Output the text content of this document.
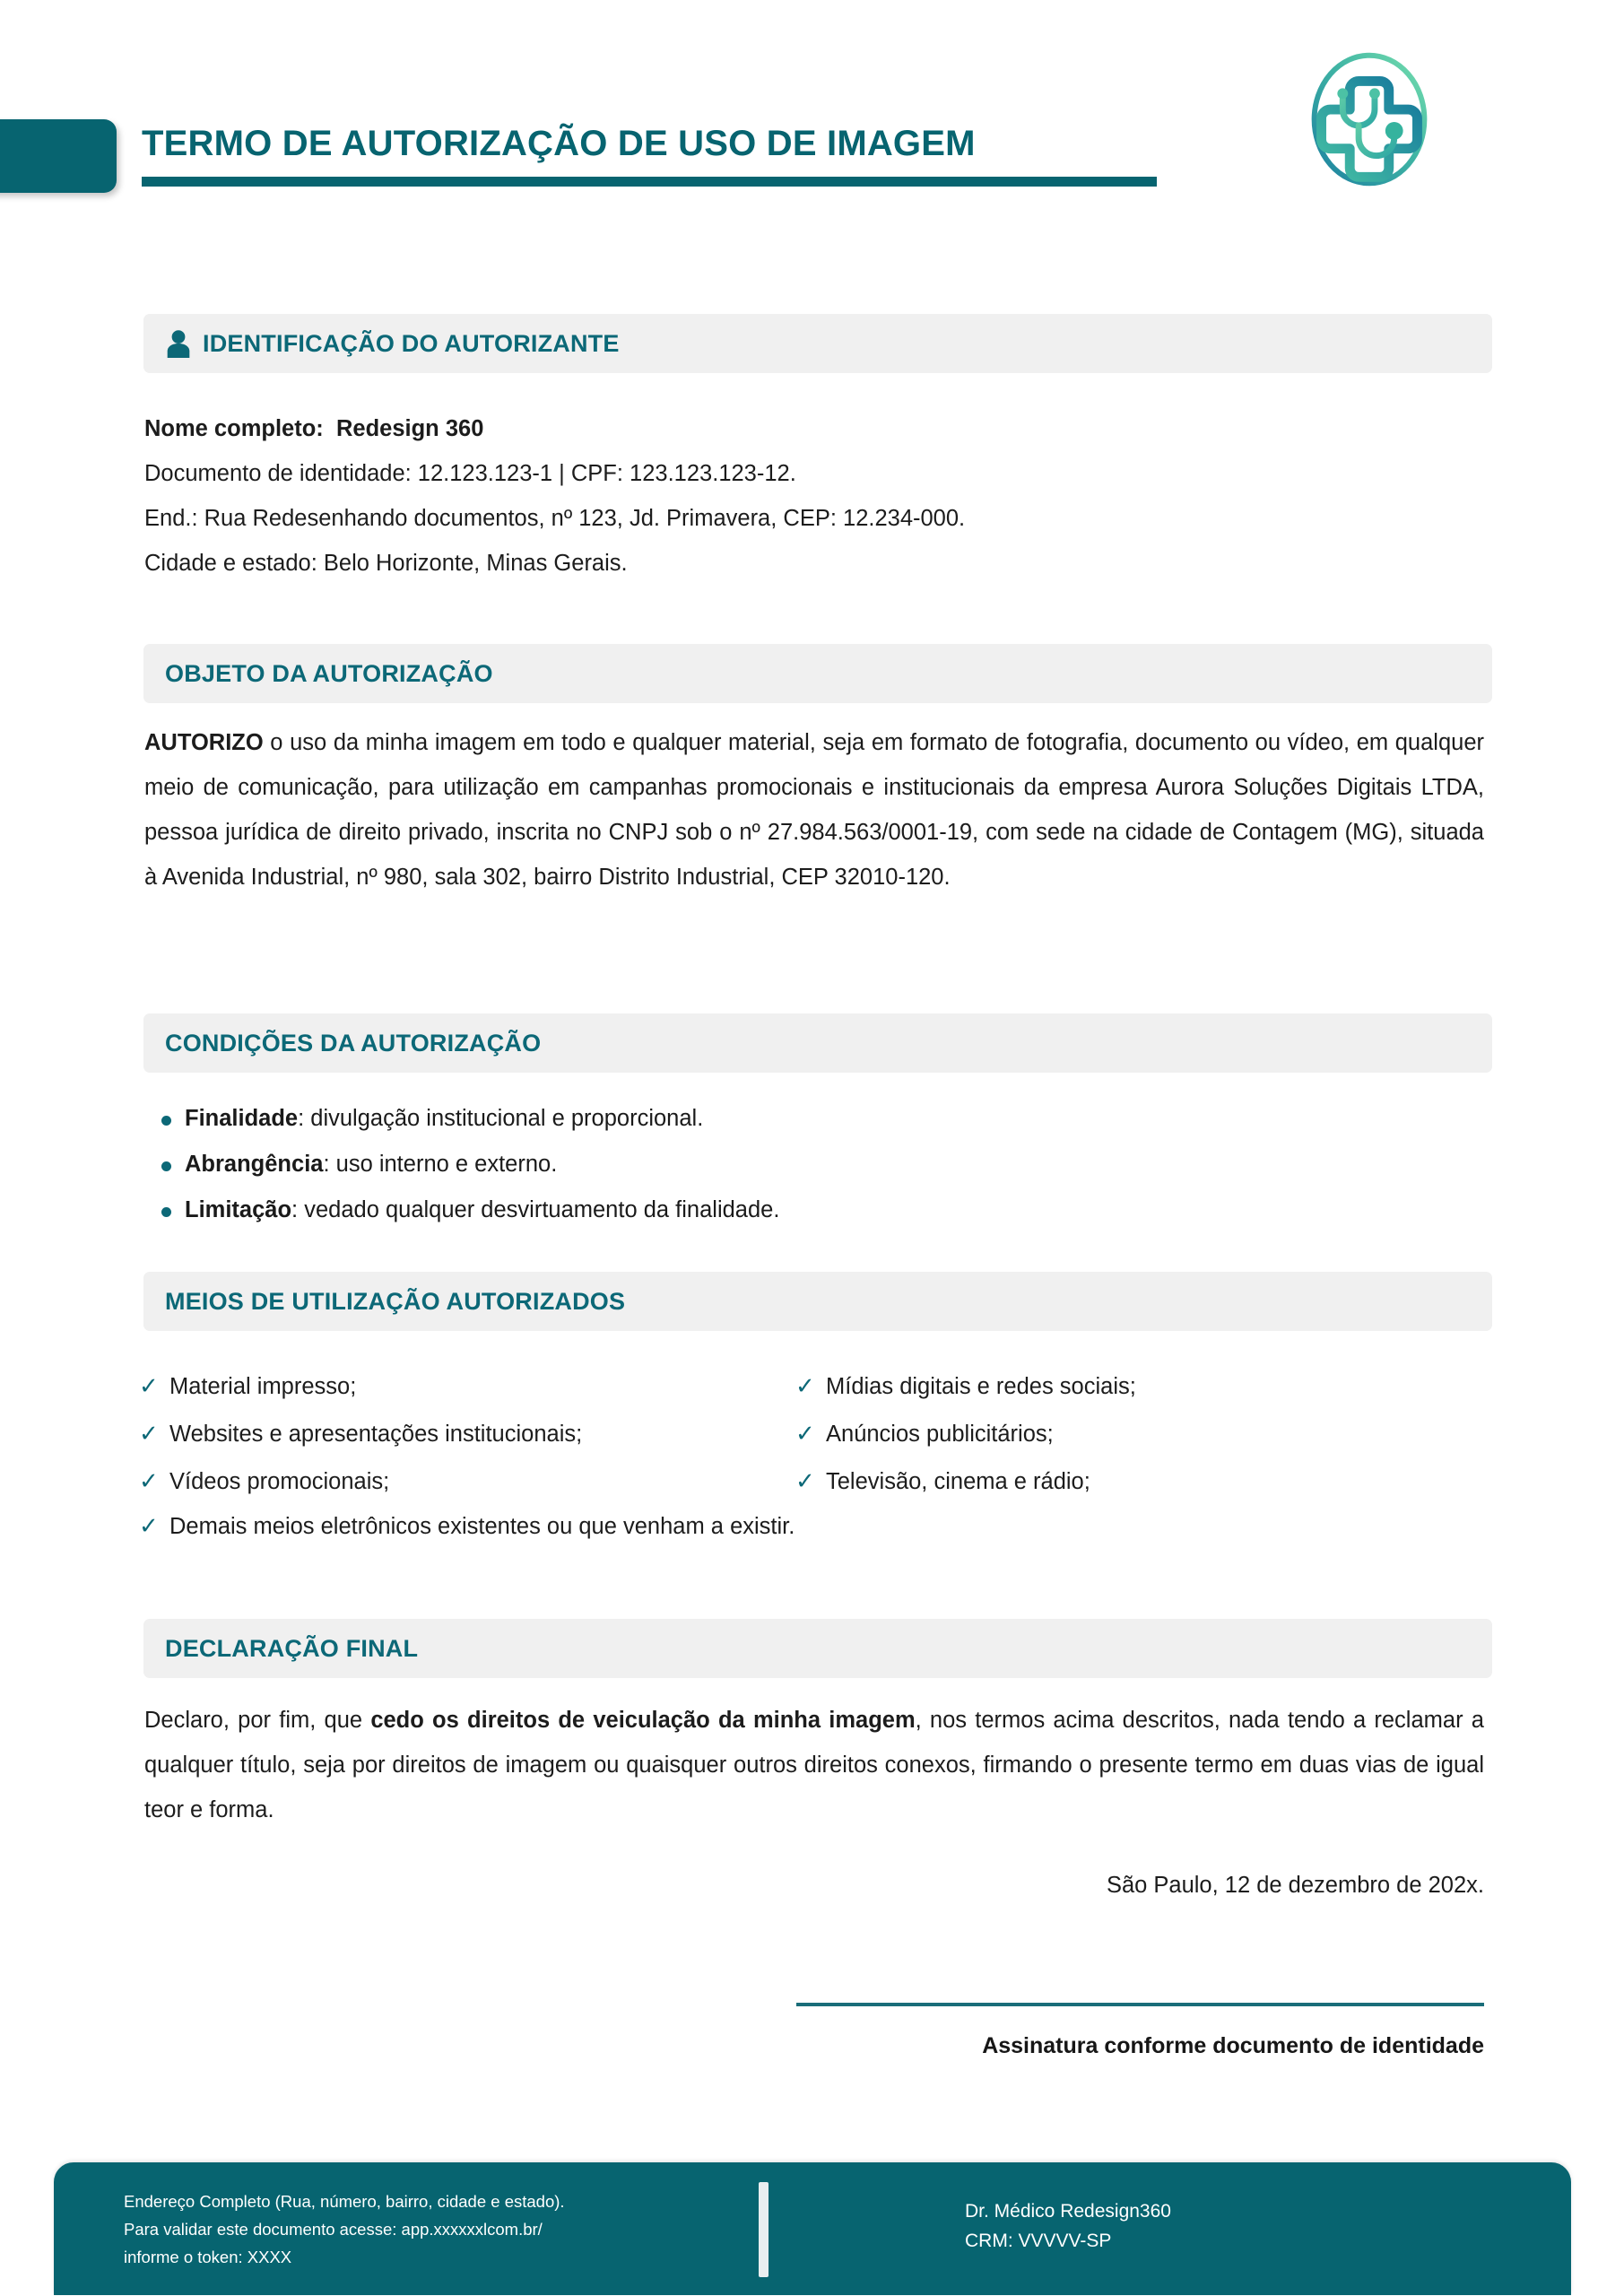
TERMO DE AUTORIZAÇÃO DE USO DE IMAGEM
IDENTIFICAÇÃO DO AUTORIZANTE

Nome completo: Redesign 360

Documento de identidade: 12.123.123-1 | CPF: 123.123.123-12.

End.: Rua Redesenhando documentos, nº 123, Jd. Primavera, CEP: 12.234-000.

Cidade e estado: Belo Horizonte, Minas Gerais.

OBJETO DA AUTORIZAÇÃO

AUTORIZO o uso da minha imagem em todo e qualquer material, seja em formato de fotografia, documento ou vídeo, em qualquer meio de comunicação, para utilização em campanhas promocionais e institucionais da empresa Aurora Soluções Digitais LTDA, pessoa jurídica de direito privado, inscrita no CNPJ sob o nº 27.984.563/0001-19, com sede na cidade de Contagem (MG), situada à Avenida Industrial, nº 980, sala 302, bairro Distrito Industrial, CEP 32010-120.

CONDIÇÕES DA AUTORIZAÇÃO
Finalidade: divulgação institucional e proporcional.
Abrangência: uso interno e externo.
Limitação: vedado qualquer desvirtuamento da finalidade.
MEIOS DE UTILIZAÇÃO AUTORIZADOS
✓ Material impresso;
✓ Websites e apresentações institucionais;
✓ Vídeos promocionais;
✓ Mídias digitais e redes sociais;
✓ Anúncios publicitários;
✓ Televisão, cinema e rádio;
✓ Demais meios eletrônicos existentes ou que venham a existir.
DECLARAÇÃO FINAL

Declaro, por fim, que cedo os direitos de veiculação da minha imagem, nos termos acima descritos, nada tendo a reclamar a qualquer título, seja por direitos de imagem ou quaisquer outros direitos conexos, firmando o presente termo em duas vias de igual teor e forma.

São Paulo, 12 de dezembro de 202x.
Assinatura conforme documento de identidade

Endereço Completo (Rua, número, bairro, cidade e estado).

Para validar este documento acesse: app.xxxxxxlcom.br/

informe o token: XXXX

Dr. Médico Redesign360

CRM: VVVVV-SP
